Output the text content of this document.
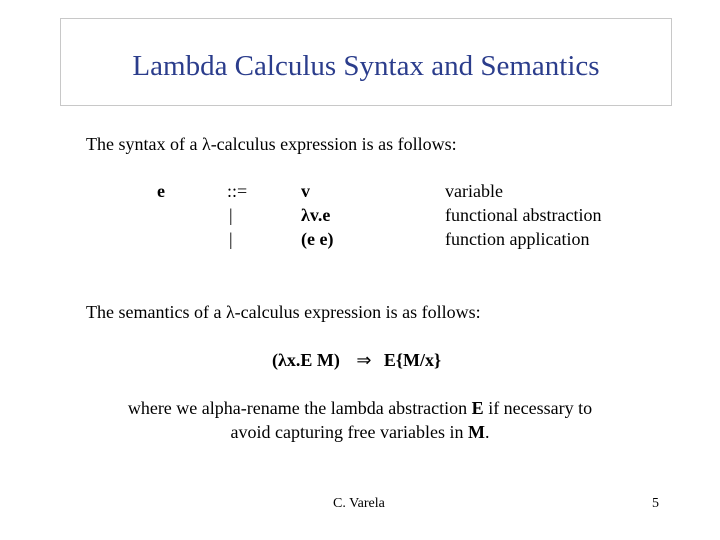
Lambda Calculus Syntax and Semantics
The syntax of a λ-calculus expression is as follows:
e	::=
|
|
v
λv.e
(e e)
variable
functional abstraction
function application
The semantics of a λ-calculus expression is as follows:
(λx.E M) ⇒ E{M/x}
where we alpha-rename the lambda abstraction E if necessary to
avoid capturing free variables in M.
C. Varela	5
